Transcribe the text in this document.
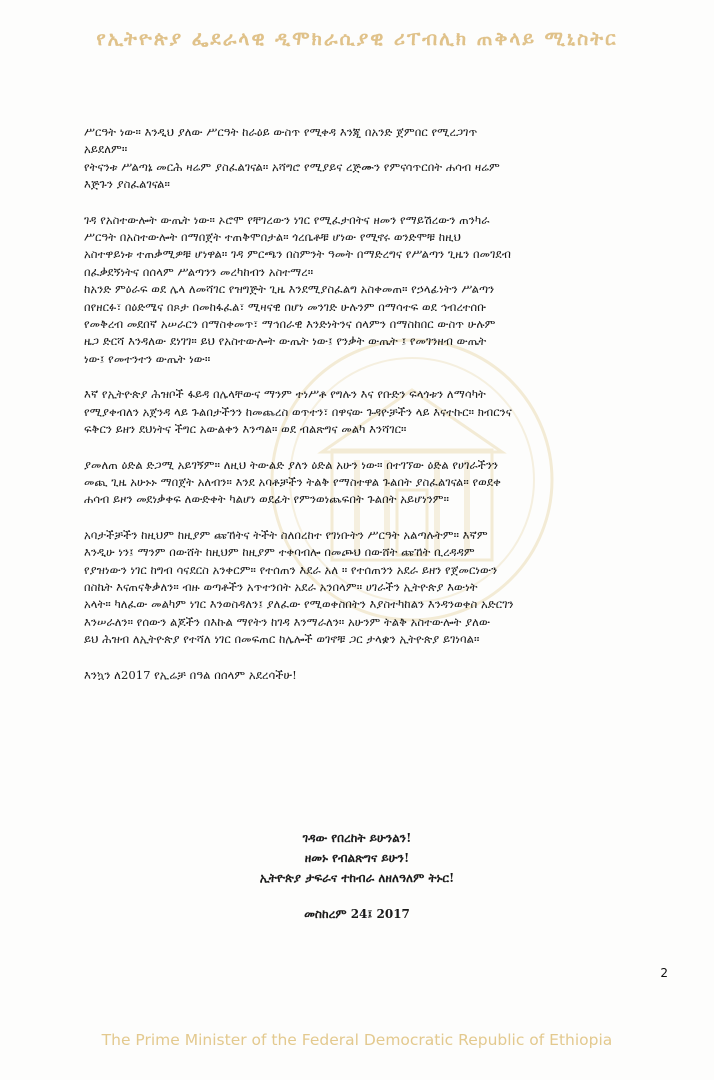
የኢትዮጵያ ፌደራላዊ ዲሞክራሲያዊ ሪፐብሊክ ጠቅላይ ሚኒስትር

ሥርዓት ነው። እንዲህ ያለው ሥርዓት ከራዕይ ውስጥ የሚቀዳ እንጂ በአንድ ጀምበር የሚረጋገጥ
አይደለም።
የትናንቱ ሥልጣኔ መርሕ ዛሬም ያስፈልገናል። አሻግሮ የሚያይና ረጅሙን የምናሳጥርበት ሐሳብ ዛሬም
እጅጉን ያስፈልገናል።

ገዳ የአስተውሎት ውጤት ነው። ኦሮሞ የቸገረውን ነገር የሚፈታበትና ዘመን የማይሽረውን ጠንካራ
ሥርዓት በአስተውሎት በማበጀት ተጠቅሞበታል። ጎረቤቶቹ ሆነው የሚኖሩ ወንድሞቹ ከዚህ
አስተዋይነቱ ተጠቃሚዎቹ ሆነዋል። ገዳ ምርጫን በስምንት ዓመት በማድረግና የሥልጣን ጊዜን በመገደብ
በፈቃደኝነትና በሰላም ሥልጣንን መረካከብን አስተማረ።
ከአንድ ምዕራፍ ወደ ሌላ ለመሻገር የዝግጅት ጊዜ እንደሚያስፈልግ አስቀመጠ። የኃላፊነትን ሥልጣን
በየዘርፉ፣ በዕድሜና በጾታ በመከፋፈል፣ ሚዛናዊ በሆነ መንገድ ሁሉንም በማሳተፍ ወደ ኅብረተሰቡ
የመቅረብ መደበኛ አሠራርን በማስቀመጥ፣ ማኅበራዊ እንድነትንና ሰላምን በማስከበር ውስጥ ሁሉም
ዜጋ ድርሻ እንዳለው ደነገገ። ይህ የአስተውሎት ውጤት ነው፤ የንቃት ውጤት ፤ የመገንዘብ ውጤት
ነው፤ የመተንተን ውጤት ነው።

እኛ የኢትዮጵያ ሕዝቦች ፋይዳ በሌላቸውና ማንም ተነሥቶ የግሉን እና የቡድን ፍላጎቱን ለማሳካት
የሚያቀብለን አጀንዳ ላይ ጉልበታችንን ከመጨረስ ወጥተን፣ በዋናው ጉዳዮቻችን ላይ እናተኩር። ክብርንና
ፍቅርን ይዘን ደህነትና ችግር አውልቀን እንጣል። ወደ ብልጽግና መልካ እንሻገር።

ያመለጠ ዕድል ድጋሚ አይገኝም። ለዚህ ትውልድ ያለን ዕድል አሁን ነው። በተገኘው ዕድል የሀገራችንን
መጪ ጊዜ አሁኑኑ ማበጀት አለብን። እንደ አባቶቻችን ትልቅ የማስተዋል ጉልበት ያስፈልገናል። የወደቀ
ሐሳብ ይዞን መደነቃቀፍ ለውድቀት ካልሆነ ወደፊት የምንወነጨፍበት ጉልበት አይሆነንም።

አባታችቻችን ከዚህም ከዚያም ጩኸትና ትችት ስለበረከተ የገነቡትን ሥርዓት አልጣሉትም። እኛም
እንዲሁ ነን፤ ማንም በውሸት ከዚህም ከዚያም ተቀባብሎ በመጮህ በውሸት ጩኸት ቢረዳዳም
የያዝነውን ነገር ከግብ ሳናደርስ አንቀርም። የተሰጠን እደራ አለ ። የተሰጠንን አደራ ይዘን የጀመርነውን
በስኬት እናጠናቅቃለን። ብዙ ወጣቶችን አጥተንበት አደራ አንበላም። ሀገራችን ኢትዮጵያ እውነት
አላት። ካለፈው መልካም ነገር እንወስዳለን፤ ያለፈው የሚወቀስበትን እያስተካከልን እንዳንወቀስ አድርገን
እንሠራለን። የሰውን ልጆችን በእኩል ማየትን ከገዳ እንማራለን። አሁንም ትልቅ አስተውሎት ያለው
ይህ ሕዝብ ለኢትዮጵያ የተሻለ ነገር በመፍጠር ከሌሎች ወገኖቹ ጋር ታላቋን ኢትዮጵያ ይገነባል።

እንኳን ለ2017 የኢሬቻ በዓል በሰላም አደረሳችሁ!

ገዳው የበረከት ይሁንልን!
ዘመኑ የብልጽግና ይሁን!
ኢትዮጵያ ታፍራና ተከብራ ለዘለዓለም ትኑር!
መስከረም 24፤ 2017
2
The Prime Minister of the Federal Democratic Republic of Ethiopia
